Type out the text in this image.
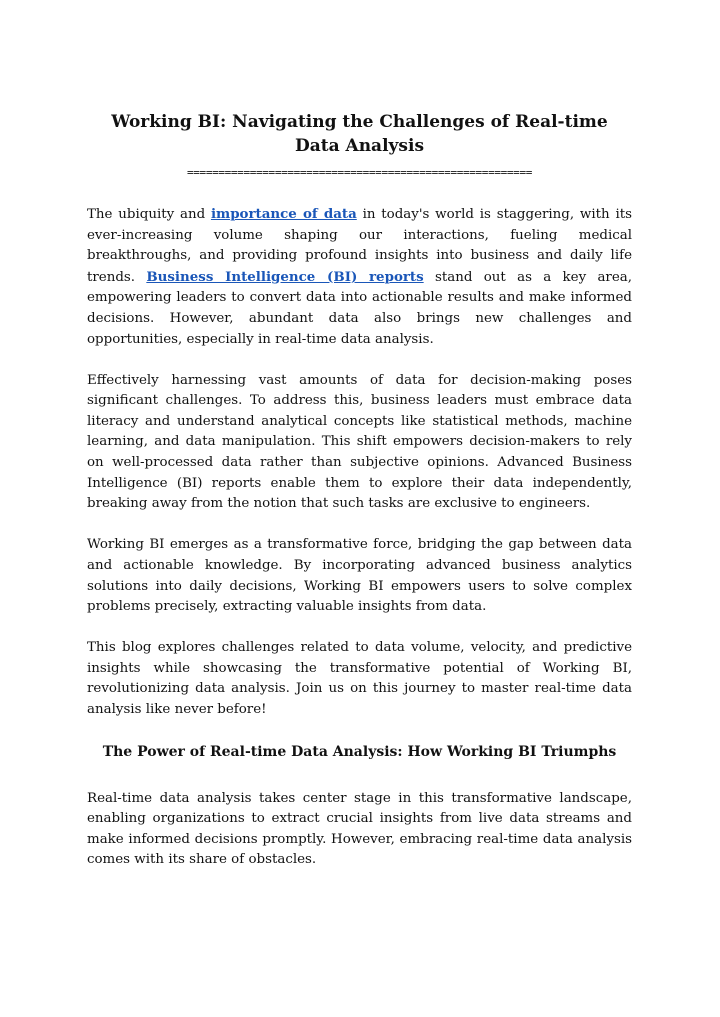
Working BI: Navigating the Challenges of Real-time Data Analysis
=======================================================

The ubiquity and importance of data in today's world is staggering, with its ever-increasing volume shaping our interactions, fueling medical breakthroughs, and providing profound insights into business and daily life trends. Business Intelligence (BI) reports stand out as a key area, empowering leaders to convert data into actionable results and make informed decisions. However, abundant data also brings new challenges and opportunities, especially in real-time data analysis.

Effectively harnessing vast amounts of data for decision-making poses significant challenges. To address this, business leaders must embrace data literacy and understand analytical concepts like statistical methods, machine learning, and data manipulation. This shift empowers decision-makers to rely on well-processed data rather than subjective opinions. Advanced Business Intelligence (BI) reports enable them to explore their data independently, breaking away from the notion that such tasks are exclusive to engineers.

Working BI emerges as a transformative force, bridging the gap between data and actionable knowledge. By incorporating advanced business analytics solutions into daily decisions, Working BI empowers users to solve complex problems precisely, extracting valuable insights from data.

This blog explores challenges related to data volume, velocity, and predictive insights while showcasing the transformative potential of Working BI, revolutionizing data analysis. Join us on this journey to master real-time data analysis like never before!

The Power of Real-time Data Analysis: How Working BI Triumphs

Real-time data analysis takes center stage in this transformative landscape, enabling organizations to extract crucial insights from live data streams and make informed decisions promptly. However, embracing real-time data analysis comes with its share of obstacles.
